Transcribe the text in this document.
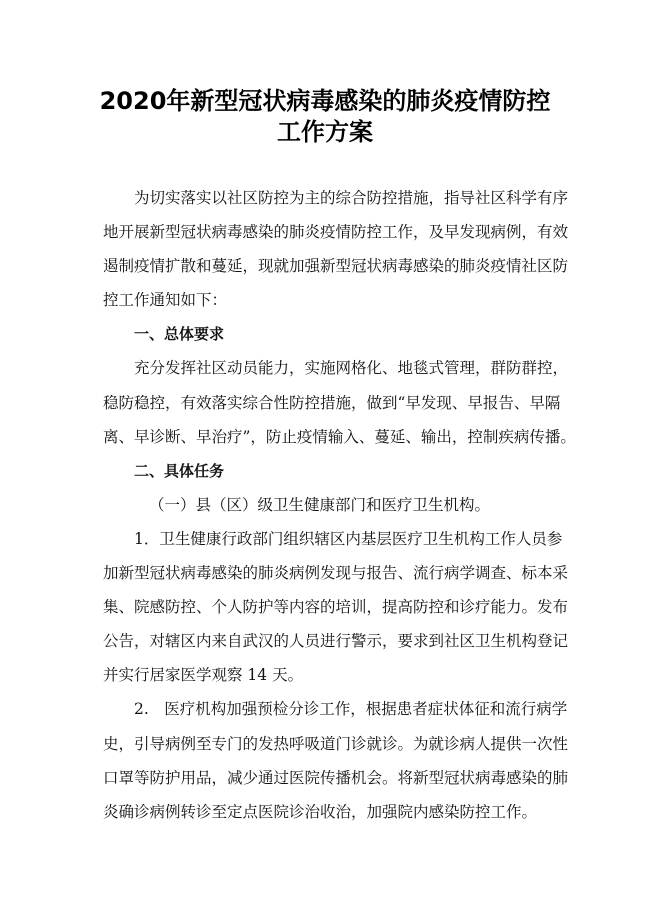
2020年新型冠状病毒感染的肺炎疫情防控
工作方案
为切实落实以社区防控为主的综合防控措施，指导社区科学有序
地开展新型冠状病毒感染的肺炎疫情防控工作，及早发现病例，有效
遏制疫情扩散和蔓延，现就加强新型冠状病毒感染的肺炎疫情社区防
控工作通知如下：
一、总体要求
充分发挥社区动员能力，实施网格化、地毯式管理，群防群控，
稳防稳控，有效落实综合性防控措施，做到“早发现、早报告、早隔
离、早诊断、早治疗”，防止疫情输入、蔓延、输出，控制疾病传播。
二、具体任务
（一）县（区）级卫生健康部门和医疗卫生机构。
1．卫生健康行政部门组织辖区内基层医疗卫生机构工作人员参
加新型冠状病毒感染的肺炎病例发现与报告、流行病学调查、标本采
集、院感防控、个人防护等内容的培训，提高防控和诊疗能力。发布
公告，对辖区内来自武汉的人员进行警示，要求到社区卫生机构登记
并实行居家医学观察 14 天。
2.　医疗机构加强预检分诊工作，根据患者症状体征和流行病学
史，引导病例至专门的发热呼吸道门诊就诊。为就诊病人提供一次性
口罩等防护用品，减少通过医院传播机会。将新型冠状病毒感染的肺
炎确诊病例转诊至定点医院诊治收治，加强院内感染防控工作。
